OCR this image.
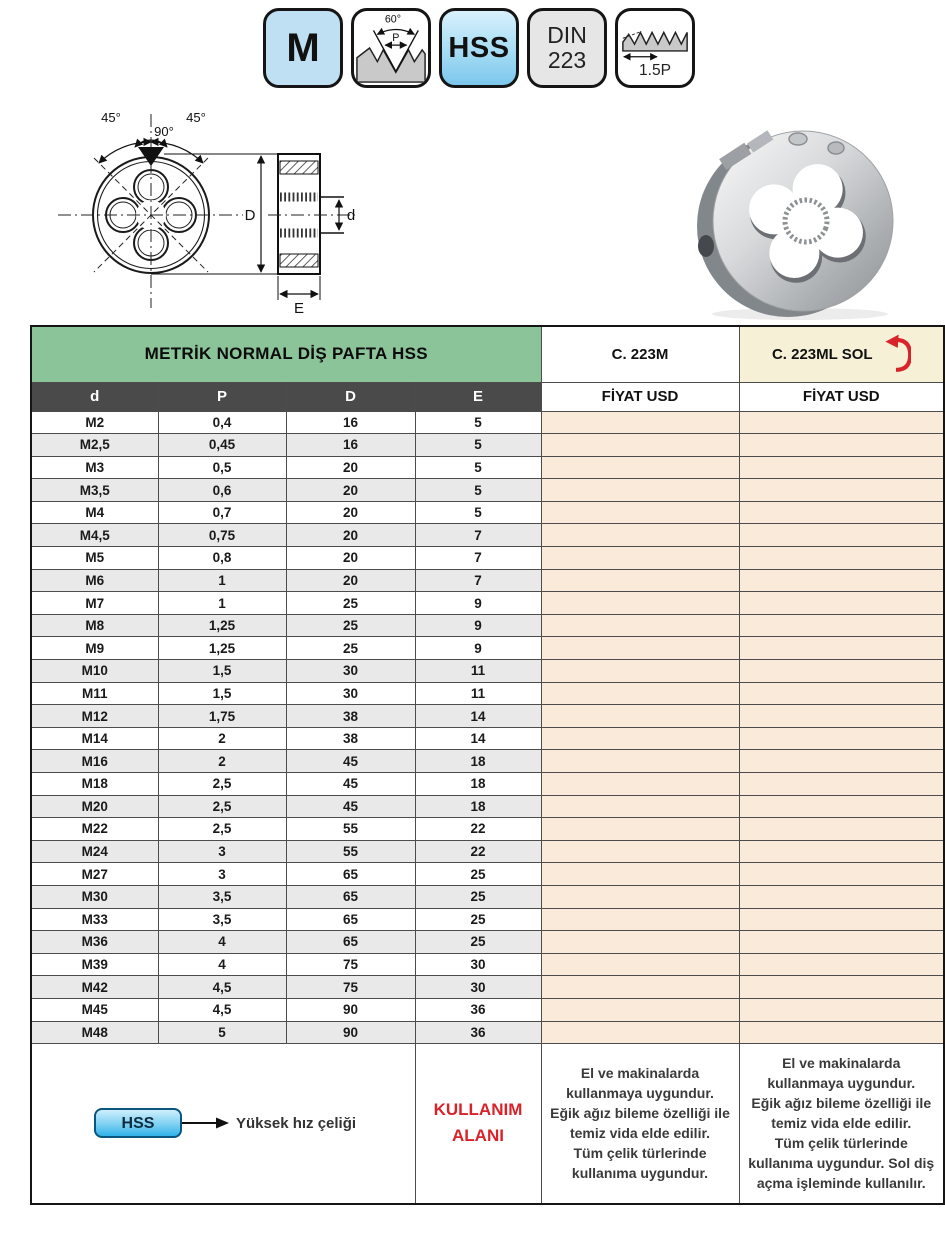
M
60°
P HSS DIN
223	1.5P
45°	45°
90°
D	d
E
METRİK NORMAL DİŞ PAFTA HSS				C. 223M	C. 223ML SOL

d	P	D	E	FİYAT USD	FİYAT USD
M2	0,4	16	5		
M2,5	0,45	16	5		
M3	0,5	20	5		
M3,5	0,6	20	5		
M4	0,7	20	5		
M4,5	0,75	20	7		
M5	0,8	20	7		
M6	1	20	7		
M7	1	25	9		
M8	1,25	25	9		
M9	1,25	25	9		
M10	1,5	30	11		
M11	1,5	30	11		
M12	1,75	38	14		
M14	2	38	14		
M16	2	45	18		
M18	2,5	45	18		
M20	2,5	45	18		
M22	2,5	55	22		
M24	3	55	22		
M27	3	65	25		
M30	3,5	65	25		
M33	3,5	65	25		
M36	4	65	25		
M39	4	75	30		
M42	4,5	75	30		
M45	4,5	90	36		
M48	5	90	36		

HSS	Yüksek hız çeliği
	KULLANIM
ALANI	El ve makinalarda
kullanmaya uygundur.
Eğik ağız bileme özelliği ile
temiz vida elde edilir.
Tüm çelik türlerinde
kullanıma uygundur.	El ve makinalarda
kullanmaya uygundur.
Eğik ağız bileme özelliği ile
temiz vida elde edilir.
Tüm çelik türlerinde
kullanıma uygundur. Sol diş
açma işleminde kullanılır.
